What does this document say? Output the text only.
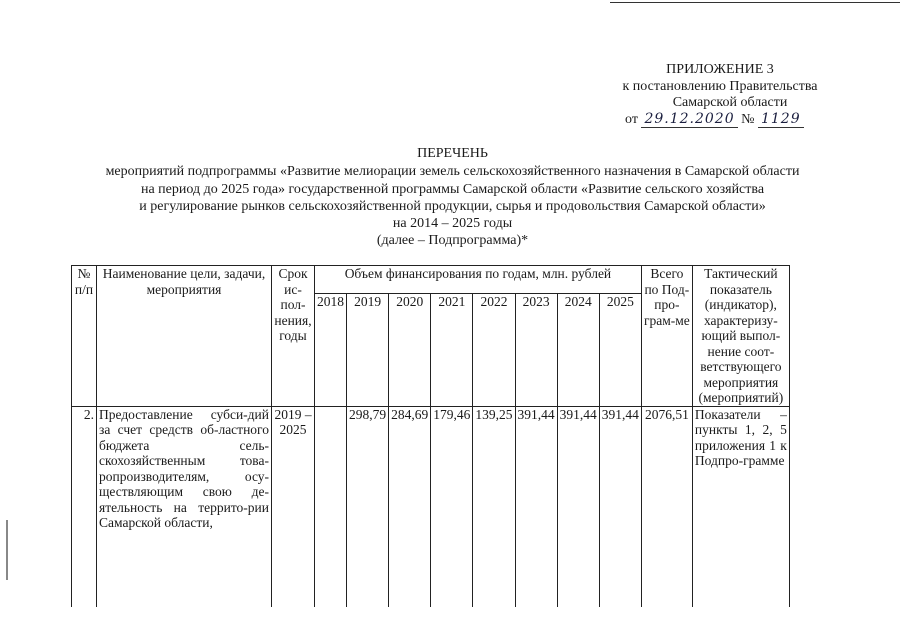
ПРИЛОЖЕНИЕ 3
к постановлению Правительства
Самарской области
от 29.12.2020 № 1129
ПЕРЕЧЕНЬ
мероприятий подпрограммы «Развитие мелиорации земель сельскохозяйственного назначения в Самарской области
на период до 2025 года» государственной программы Самарской области «Развитие сельского хозяйства
и регулирование рынков сельскохозяйственной продукции, сырья и продовольствия Самарской области»
на 2014 – 2025 годы
(далее – Подпрограмма)*
№ п/п	Наименование цели, задачи, мероприятия	Срок ис-пол-нения, годы	Объем финансирования по годам, млн. рублей								Всего по Под-про-грам-ме	Тактический показатель (индикатор), характеризу-ющий выпол-нение соот-ветствующего мероприятия (мероприятий)
			2018	2019	2020	2021	2022	2023	2024	2025		
2.	Предоставление субси-дий за счет средств об-ластного бюджета сель-скохозяйственным това-ропроизводителям, осу-ществляющим свою де-ятельность на террито-рии Самарской области,	2019 – 2025		298,79	284,69	179,46	139,25	391,44	391,44	391,44	2076,51	Показатели – пункты 1, 2, 5 приложения 1 к Подпро-грамме
